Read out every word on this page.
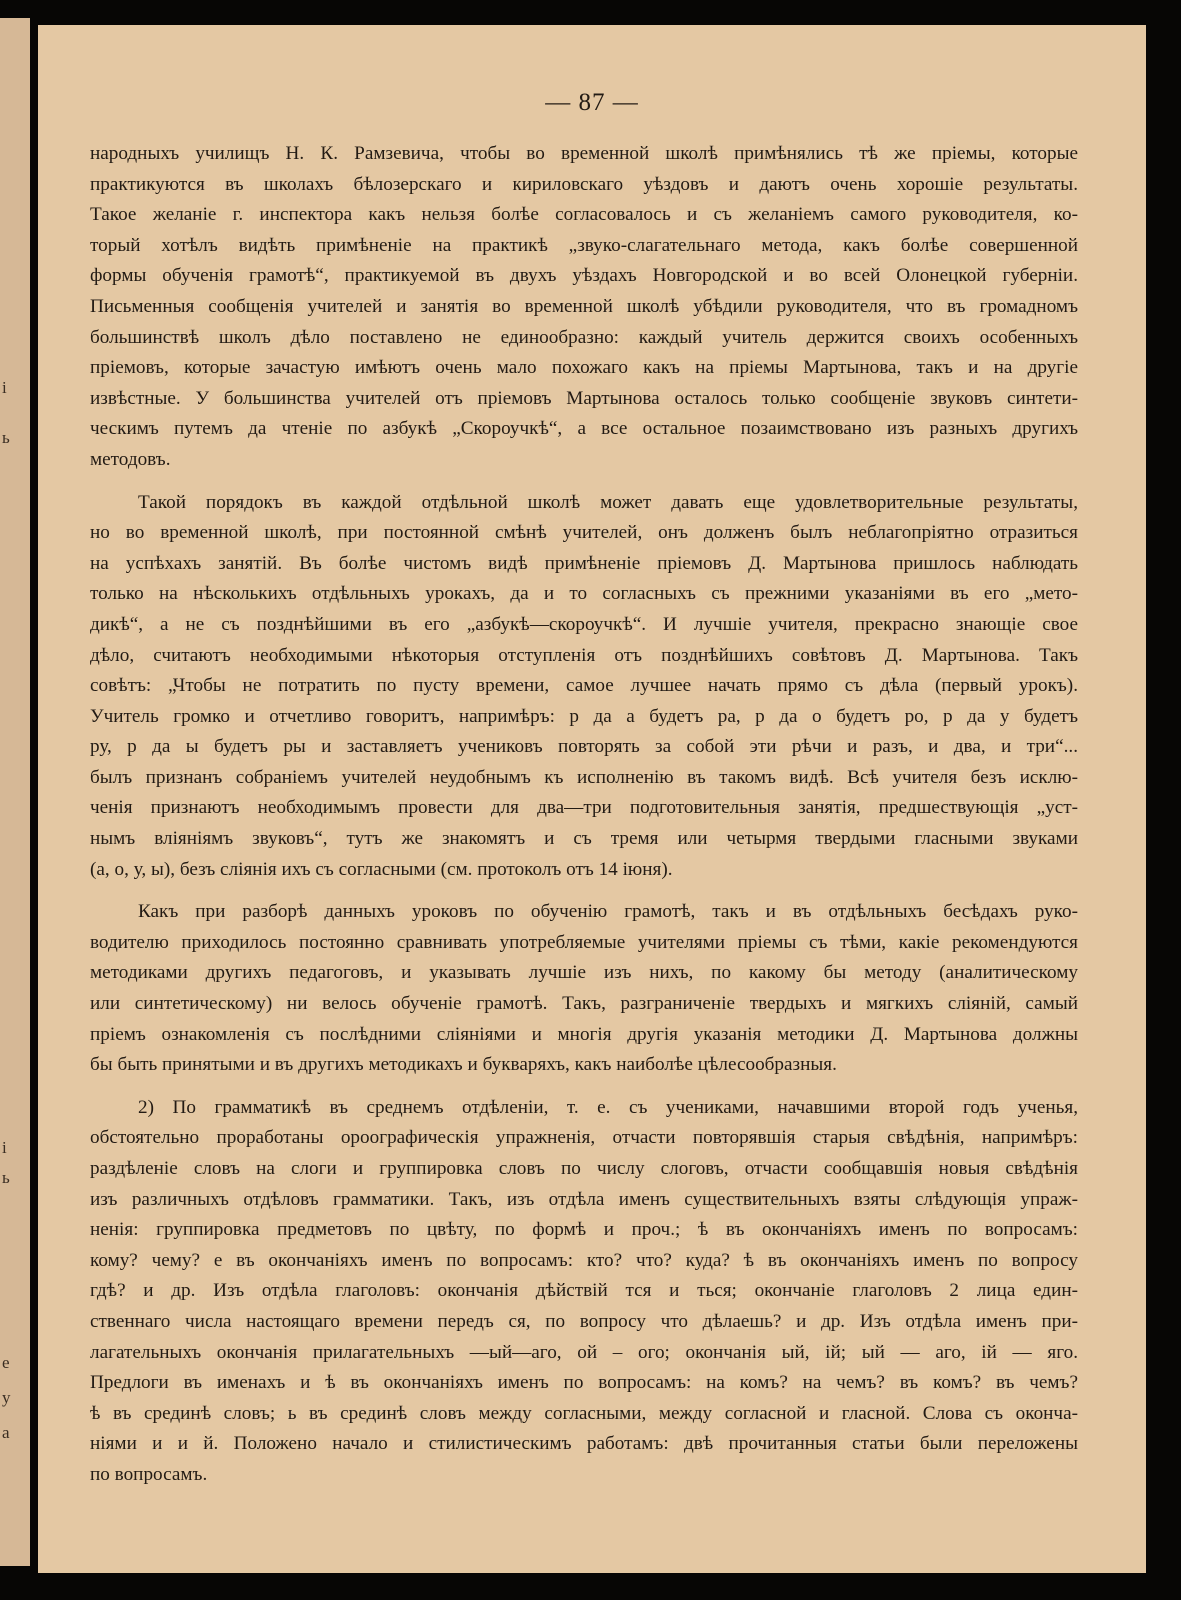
і
ь
і
ь
е
у
а
— 87 —
народныхъ училищъ Н. К. Рамзевича, чтобы во временной школѣ примѣнялись тѣ же пріемы, которые
практикуются въ школахъ бѣлозерскаго и кириловскаго уѣздовъ и даютъ очень хорошіе результаты.
Такое желаніе г. инспектора какъ нельзя болѣе согласовалось и съ желаніемъ самого руководителя, ко-
торый хотѣлъ видѣть примѣненіе на практикѣ „звуко-слагательнаго метода, какъ болѣе совершенной
формы обученія грамотѣ“, практикуемой въ двухъ уѣздахъ Новгородской и во всей Олонецкой губерніи.
Письменныя сообщенія учителей и занятія во временной школѣ убѣдили руководителя, что въ громадномъ
большинствѣ школъ дѣло поставлено не единообразно: каждый учитель держится своихъ особенныхъ
пріемовъ, которые зачастую имѣютъ очень мало похожаго какъ на пріемы Мартынова, такъ и на другіе
извѣстные. У большинства учителей отъ пріемовъ Мартынова осталось только сообщеніе звуковъ синтети-
ческимъ путемъ да чтеніе по азбукѣ „Скороучкѣ“, а все остальное позаимствовано изъ разныхъ другихъ
методовъ.
Такой порядокъ въ каждой отдѣльной школѣ может давать еще удовлетворительные результаты,
но во временной школѣ, при постоянной смѣнѣ учителей, онъ долженъ былъ неблагопріятно отразиться
на успѣхахъ занятій. Въ болѣе чистомъ видѣ примѣненіе пріемовъ Д. Мартынова пришлось наблюдать
только на нѣсколькихъ отдѣльныхъ урокахъ, да и то согласныхъ съ прежними указаніями въ его „мето-
дикѣ“, а не съ позднѣйшими въ его „азбукѣ—скороучкѣ“. И лучшіе учителя, прекрасно знающіе свое
дѣло, считаютъ необходимыми нѣкоторыя отступленія отъ позднѣйшихъ совѣтовъ Д. Мартынова. Такъ
совѣтъ: „Чтобы не потратить по пусту времени, самое лучшее начать прямо съ дѣла (первый урокъ).
Учитель громко и отчетливо говоритъ, напримѣръ: р да а будетъ ра, р да о будетъ ро, р да у будетъ
ру, р да ы будетъ ры и заставляетъ учениковъ повторять за собой эти рѣчи и разъ, и два, и три“...
былъ признанъ собраніемъ учителей неудобнымъ къ исполненію въ такомъ видѣ. Всѣ учителя безъ исклю-
ченія признаютъ необходимымъ провести для два—три подготовительныя занятія, предшествующія „уст-
нымъ вліяніямъ звуковъ“, тутъ же знакомятъ и съ тремя или четырмя твердыми гласными звуками
(а, о, у, ы), безъ слiянія ихъ съ согласными (см. протоколъ отъ 14 іюня).
Какъ при разборѣ данныхъ уроковъ по обученію грамотѣ, такъ и въ отдѣльныхъ бесѣдахъ руко-
водителю приходилось постоянно сравнивать употребляемые учителями пріемы съ тѣми, какіе рекомендуются
методиками другихъ педагоговъ, и указывать лучшіе изъ нихъ, по какому бы методу (аналитическому
или синтетическому) ни велось обученіе грамотѣ. Такъ, разграниченіе твердыхъ и мягкихъ сліяній, самый
пріемъ ознакомленія съ послѣдними сліяніями и многія другія указанія методики Д. Мартынова должны
бы быть принятыми и въ другихъ методикахъ и букваряхъ, какъ наиболѣе цѣлесообразныя.
2) По грамматикѣ въ среднемъ отдѣленіи, т. е. съ учениками, начавшими второй годъ ученья,
обстоятельно проработаны ороографическія упражненія, отчасти повторявшія старыя свѣдѣнія, напримѣръ:
раздѣленіе словъ на слоги и группировка словъ по числу слоговъ, отчасти сообщавшія новыя свѣдѣнія
изъ различныхъ отдѣловъ грамматики. Такъ, изъ отдѣла именъ существительныхъ взяты слѣдующія упраж-
ненія: группировка предметовъ по цвѣту, по формѣ и проч.; ѣ въ окончаніяхъ именъ по вопросамъ:
кому? чему? е въ окончаніяхъ именъ по вопросамъ: кто? что? куда? ѣ въ окончаніяхъ именъ по вопросу
гдѣ? и др. Изъ отдѣла глаголовъ: окончанія дѣйствій тся и ться; окончаніе глаголовъ 2 лица един-
ственнаго числа настоящаго времени передъ ся, по вопросу что дѣлаешь? и др. Изъ отдѣла именъ при-
лагательныхъ окончанія прилагательныхъ —ый—аго, ой – ого; окончанія ый, ій; ый — аго, ій — яго.
Предлоги въ именахъ и ѣ въ окончаніяхъ именъ по вопросамъ: на комъ? на чемъ? въ комъ? въ чемъ?
ѣ въ срединѣ словъ; ь въ срединѣ словъ между согласными, между согласной и гласной. Слова съ оконча-
ніями и и й. Положено начало и стилистическимъ работамъ: двѣ прочитанныя статьи были переложены
по вопросамъ.
